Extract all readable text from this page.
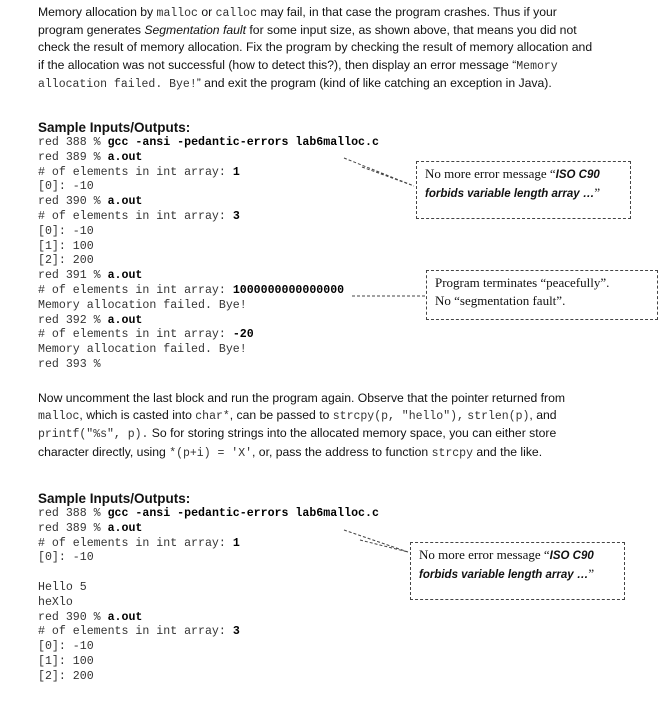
Memory allocation by malloc or calloc may fail, in that case the program crashes. Thus if your program generates Segmentation fault for some input size, as shown above, that means you did not check the result of memory allocation. Fix the program by checking the result of memory allocation and if the allocation was not successful (how to detect this?), then display an error message “Memory allocation failed. Bye!” and exit the program (kind of like catching an exception in Java).
Sample Inputs/Outputs:
red 388 % gcc -ansi -pedantic-errors lab6malloc.c
red 389 % a.out
# of elements in int array: 1
[0]: -10
red 390 % a.out
# of elements in int array: 3
[0]: -10
[1]: 100
[2]: 200
red 391 % a.out
# of elements in int array: 1000000000000000
Memory allocation failed. Bye!
red 392 % a.out
# of elements in int array: -20
Memory allocation failed. Bye!
red 393 %
No more error message “ISO C90 forbids variable length array …”
Program terminates “peacefully”.
No “segmentation fault”.
Now uncomment the last block and run the program again. Observe that the pointer returned from malloc, which is casted into char*, can be passed to strcpy(p, "hello"), strlen(p), and printf("%s", p). So for storing strings into the allocated memory space, you can either store character directly, using *(p+i) = 'X', or, pass the address to function strcpy and the like.
Sample Inputs/Outputs:
red 388 % gcc -ansi -pedantic-errors lab6malloc.c
red 389 % a.out
# of elements in int array: 1
[0]: -10

Hello 5
heXlo
red 390 % a.out
# of elements in int array: 3
[0]: -10
[1]: 100
[2]: 200
No more error message “ISO C90 forbids variable length array …”
